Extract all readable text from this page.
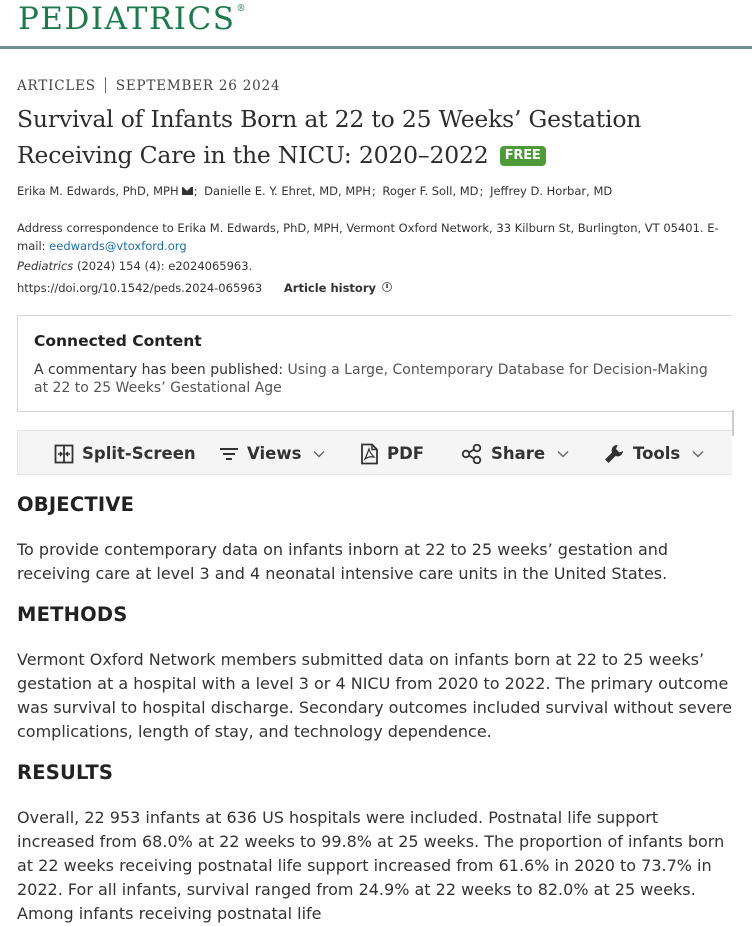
PEDIATRICS®
ARTICLES SEPTEMBER 26 2024
Survival of Infants Born at 22 to 25 Weeks’ Gestation Receiving Care in the NICU: 2020–2022 FREE
Erika M. Edwards, PhD, MPH ; Danielle E. Y. Ehret, MD, MPH; Roger F. Soll, MD; Jeffrey D. Horbar, MD
Address correspondence to Erika M. Edwards, PhD, MPH, Vermont Oxford Network, 33 Kilburn St, Burlington, VT 05401. E-mail: eedwards@vtoxford.org
Pediatrics (2024) 154 (4): e2024065963.
https://doi.org/10.1542/peds.2024-065963 Article history
Connected Content
A commentary has been published: Using a Large, Contemporary Database for Decision-Making at 22 to 25 Weeks’ Gestational Age
Split-Screen	Views	PDF	Share	Tools
OBJECTIVE

To provide contemporary data on infants inborn at 22 to 25 weeks’ gestation and receiving care at level 3 and 4 neonatal intensive care units in the United States.

METHODS

Vermont Oxford Network members submitted data on infants born at 22 to 25 weeks’ gestation at a hospital with a level 3 or 4 NICU from 2020 to 2022. The primary outcome was survival to hospital discharge. Secondary outcomes included survival without severe complications, length of stay, and technology dependence.

RESULTS

Overall, 22 953 infants at 636 US hospitals were included. Postnatal life support increased from 68.0% at 22 weeks to 99.8% at 25 weeks. The proportion of infants born at 22 weeks receiving postnatal life support increased from 61.6% in 2020 to 73.7% in 2022. For all infants, survival ranged from 24.9% at 22 weeks to 82.0% at 25 weeks. Among infants receiving postnatal life
